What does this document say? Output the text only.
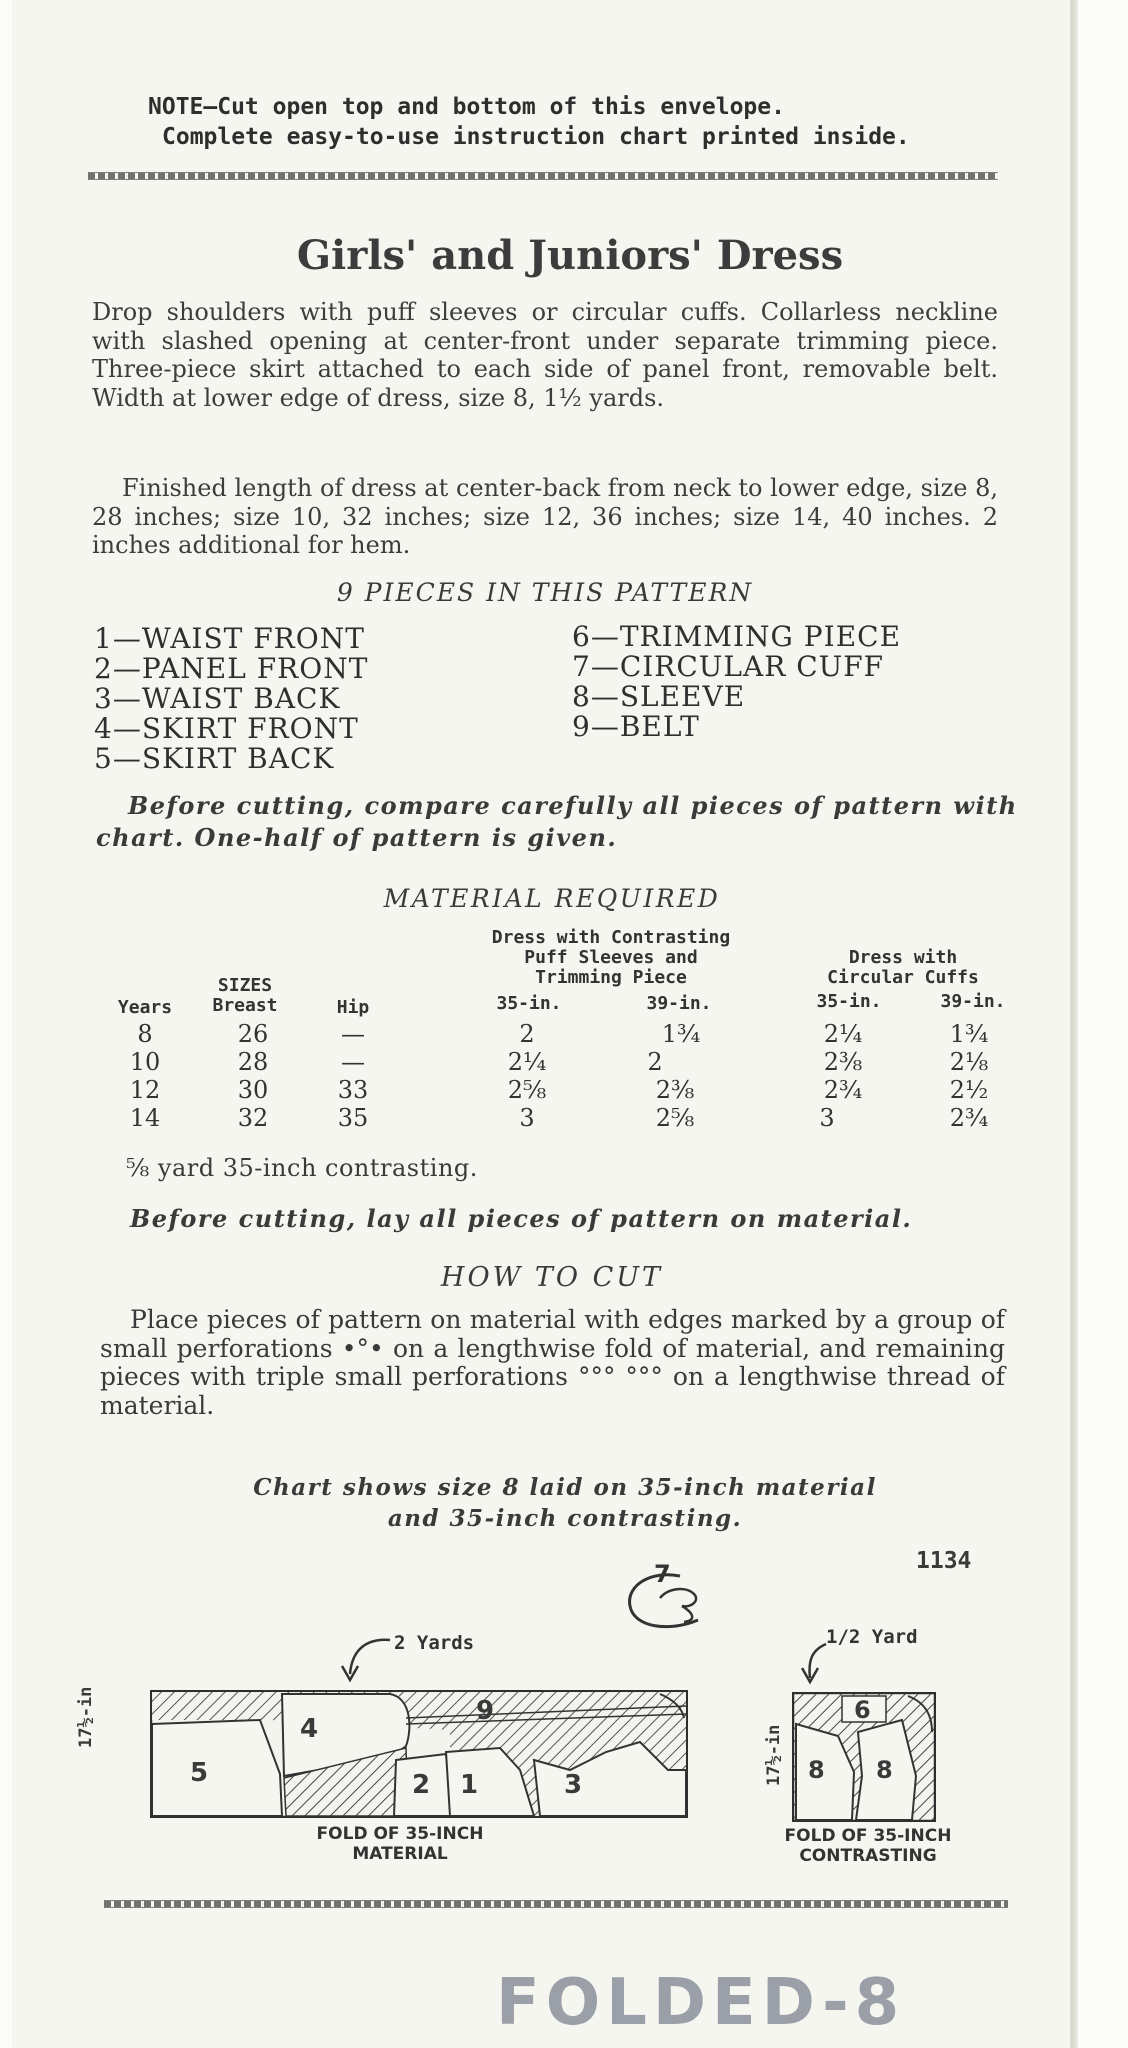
NOTE—Cut open top and bottom of this envelope.
Complete easy-to-use instruction chart printed inside.
Girls' and Juniors' Dress
Drop shoulders with puff sleeves or circular cuffs. Collarless neckline with slashed opening at center-front under separate trimming piece. Three-piece skirt attached to each side of panel front, removable belt. Width at lower edge of dress, size 8, 1½ yards.
Finished length of dress at center-back from neck to lower edge, size 8, 28 inches; size 10, 32 inches; size 12, 36 inches; size 14, 40 inches. 2 inches additional for hem.
9 PIECES IN THIS PATTERN
1—WAIST FRONT
2—PANEL FRONT
3—WAIST BACK
4—SKIRT FRONT
5—SKIRT BACK
6—TRIMMING PIECE
7—CIRCULAR CUFF
8—SLEEVE
9—BELT
Before cutting, compare carefully all pieces of pattern with
chart. One-half of pattern is given.
MATERIAL REQUIRED
Dress with Contrasting
Puff Sleeves and
Trimming Piece
Dress with
Circular Cuffs
SIZES
Years	Breast	Hip	35-in.	39-in.	35-in.	39-in.
8	26	—	2	1¾	2¼	1¾
10	28	—	2¼	2	2⅜	2⅛
12	30	33	2⅝	2⅜	2¾	2½
14	32	35	3	2⅝	3	2¾
⅝ yard 35-inch contrasting.
Before cutting, lay all pieces of pattern on material.
HOW TO CUT
Place pieces of pattern on material with edges marked by a group of small perforations •°• on a lengthwise fold of material, and remaining pieces with triple small perforations °°° °°° on a lengthwise thread of material.
Chart shows size 8 laid on 35-inch material
and 35-inch contrasting.
1134
7
2 Yards
17½-in
5
4
9
2 1	3
FOLD OF 35-INCH
MATERIAL
1/2 Yard
17½-in
6
8 8
FOLD OF 35-INCH
CONTRASTING
FOLDED-8
